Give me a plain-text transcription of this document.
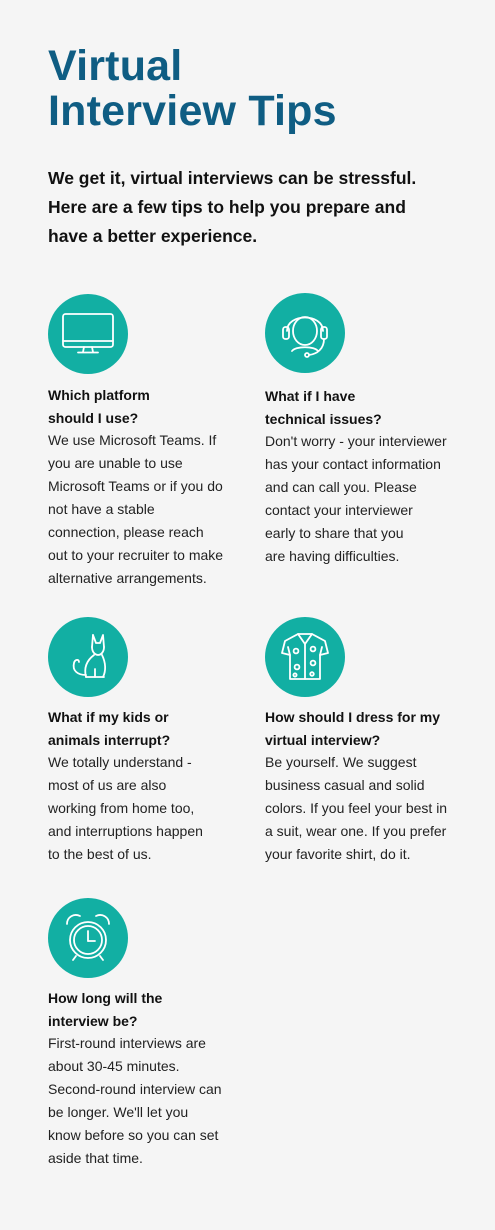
Virtual
Interview Tips

We get it, virtual interviews can be stressful.
Here are a few tips to help you prepare and
have a better experience.

Which platform
should I use?

We use Microsoft Teams. If
you are unable to use
Microsoft Teams or if you do
not have a stable
connection, please reach
out to your recruiter to make
alternative arrangements.

What if I have
technical issues?

Don't worry - your interviewer
has your contact information
and can call you. Please
contact your interviewer
early to share that you
are having difficulties.

What if my kids or
animals interrupt?

We totally understand -
most of us are also
working from home too,
and interruptions happen
to the best of us.

How should I dress for my
virtual interview?

Be yourself. We suggest
business casual and solid
colors. If you feel your best in
a suit, wear one. If you prefer
your favorite shirt, do it.

How long will the
interview be?

First-round interviews are
about 30-45 minutes.
Second-round interview can
be longer. We'll let you
know before so you can set
aside that time.
